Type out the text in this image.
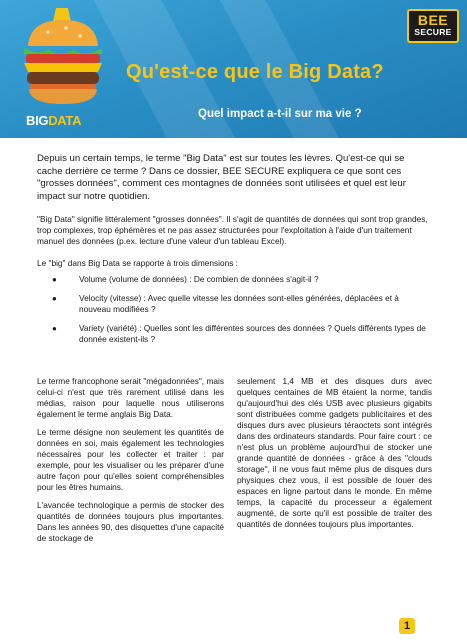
BIGDATA
BEE
SECURE
Qu'est-ce que le Big Data?
Quel impact a-t-il sur ma vie ?

Depuis un certain temps, le terme "Big Data" est sur toutes les lèvres. Qu'est-ce qui se cache derrière ce terme ? Dans ce dossier, BEE SECURE expliquera ce que sont ces "grosses données", comment ces montagnes de données sont utilisées et quel est leur impact sur notre quotidien.

"Big Data" signifie littéralement "grosses données". Il s'agit de quantités de données qui sont trop grandes, trop complexes, trop éphémères et ne pas assez structurées pour l'exploitation à l'aide d'un traitement manuel des données (p.ex. lecture d'une valeur d'un tableau Excel).

Le "big" dans Big Data se rapporte à trois dimensions :

●	Volume (volume de données) : De combien de données s'agit-il ?
●	Velocity (vitesse) : Avec quelle vitesse les données sont-elles générées, déplacées et à nouveau modifiées ?
●	Variety (variété) : Quelles sont les différentes sources des données ? Quels différents types de donnée existent-ils ?

Le terme francophone serait "mégadonnées", mais celui-ci n'est que très rarement utilisé dans les médias, raison pour laquelle nous utiliserons également le terme anglais Big Data.

Le terme désigne non seulement les quantités de données en soi, mais également les technologies nécessaires pour les collecter et traiter : par exemple, pour les visualiser ou les préparer d'une autre façon pour qu'elles soient compréhensibles pour les êtres humains.

L'avancée technologique a permis de stocker des quantités de données toujours plus importantes. Dans les années 90, des disquettes d'une capacité de stockage de

seulement 1,4 MB et des disques durs avec quelques centaines de MB étaient la norme, tandis qu'aujourd'hui des clés USB avec plusieurs gigabits sont distribuées comme gadgets publicitaires et des disques durs avec plusieurs téraoctets sont intégrés dans des ordinateurs standards. Pour faire court : ce n'est plus un problème aujourd'hui de stocker une grande quantité de données - grâce à des "clouds storage", il ne vous faut même plus de disques durs physiques chez vous, il est possible de louer des espaces en ligne partout dans le monde. En même temps, la capacité du processeur a également augmenté, de sorte qu'il est possible de traiter des quantités de données toujours plus importantes.

1
